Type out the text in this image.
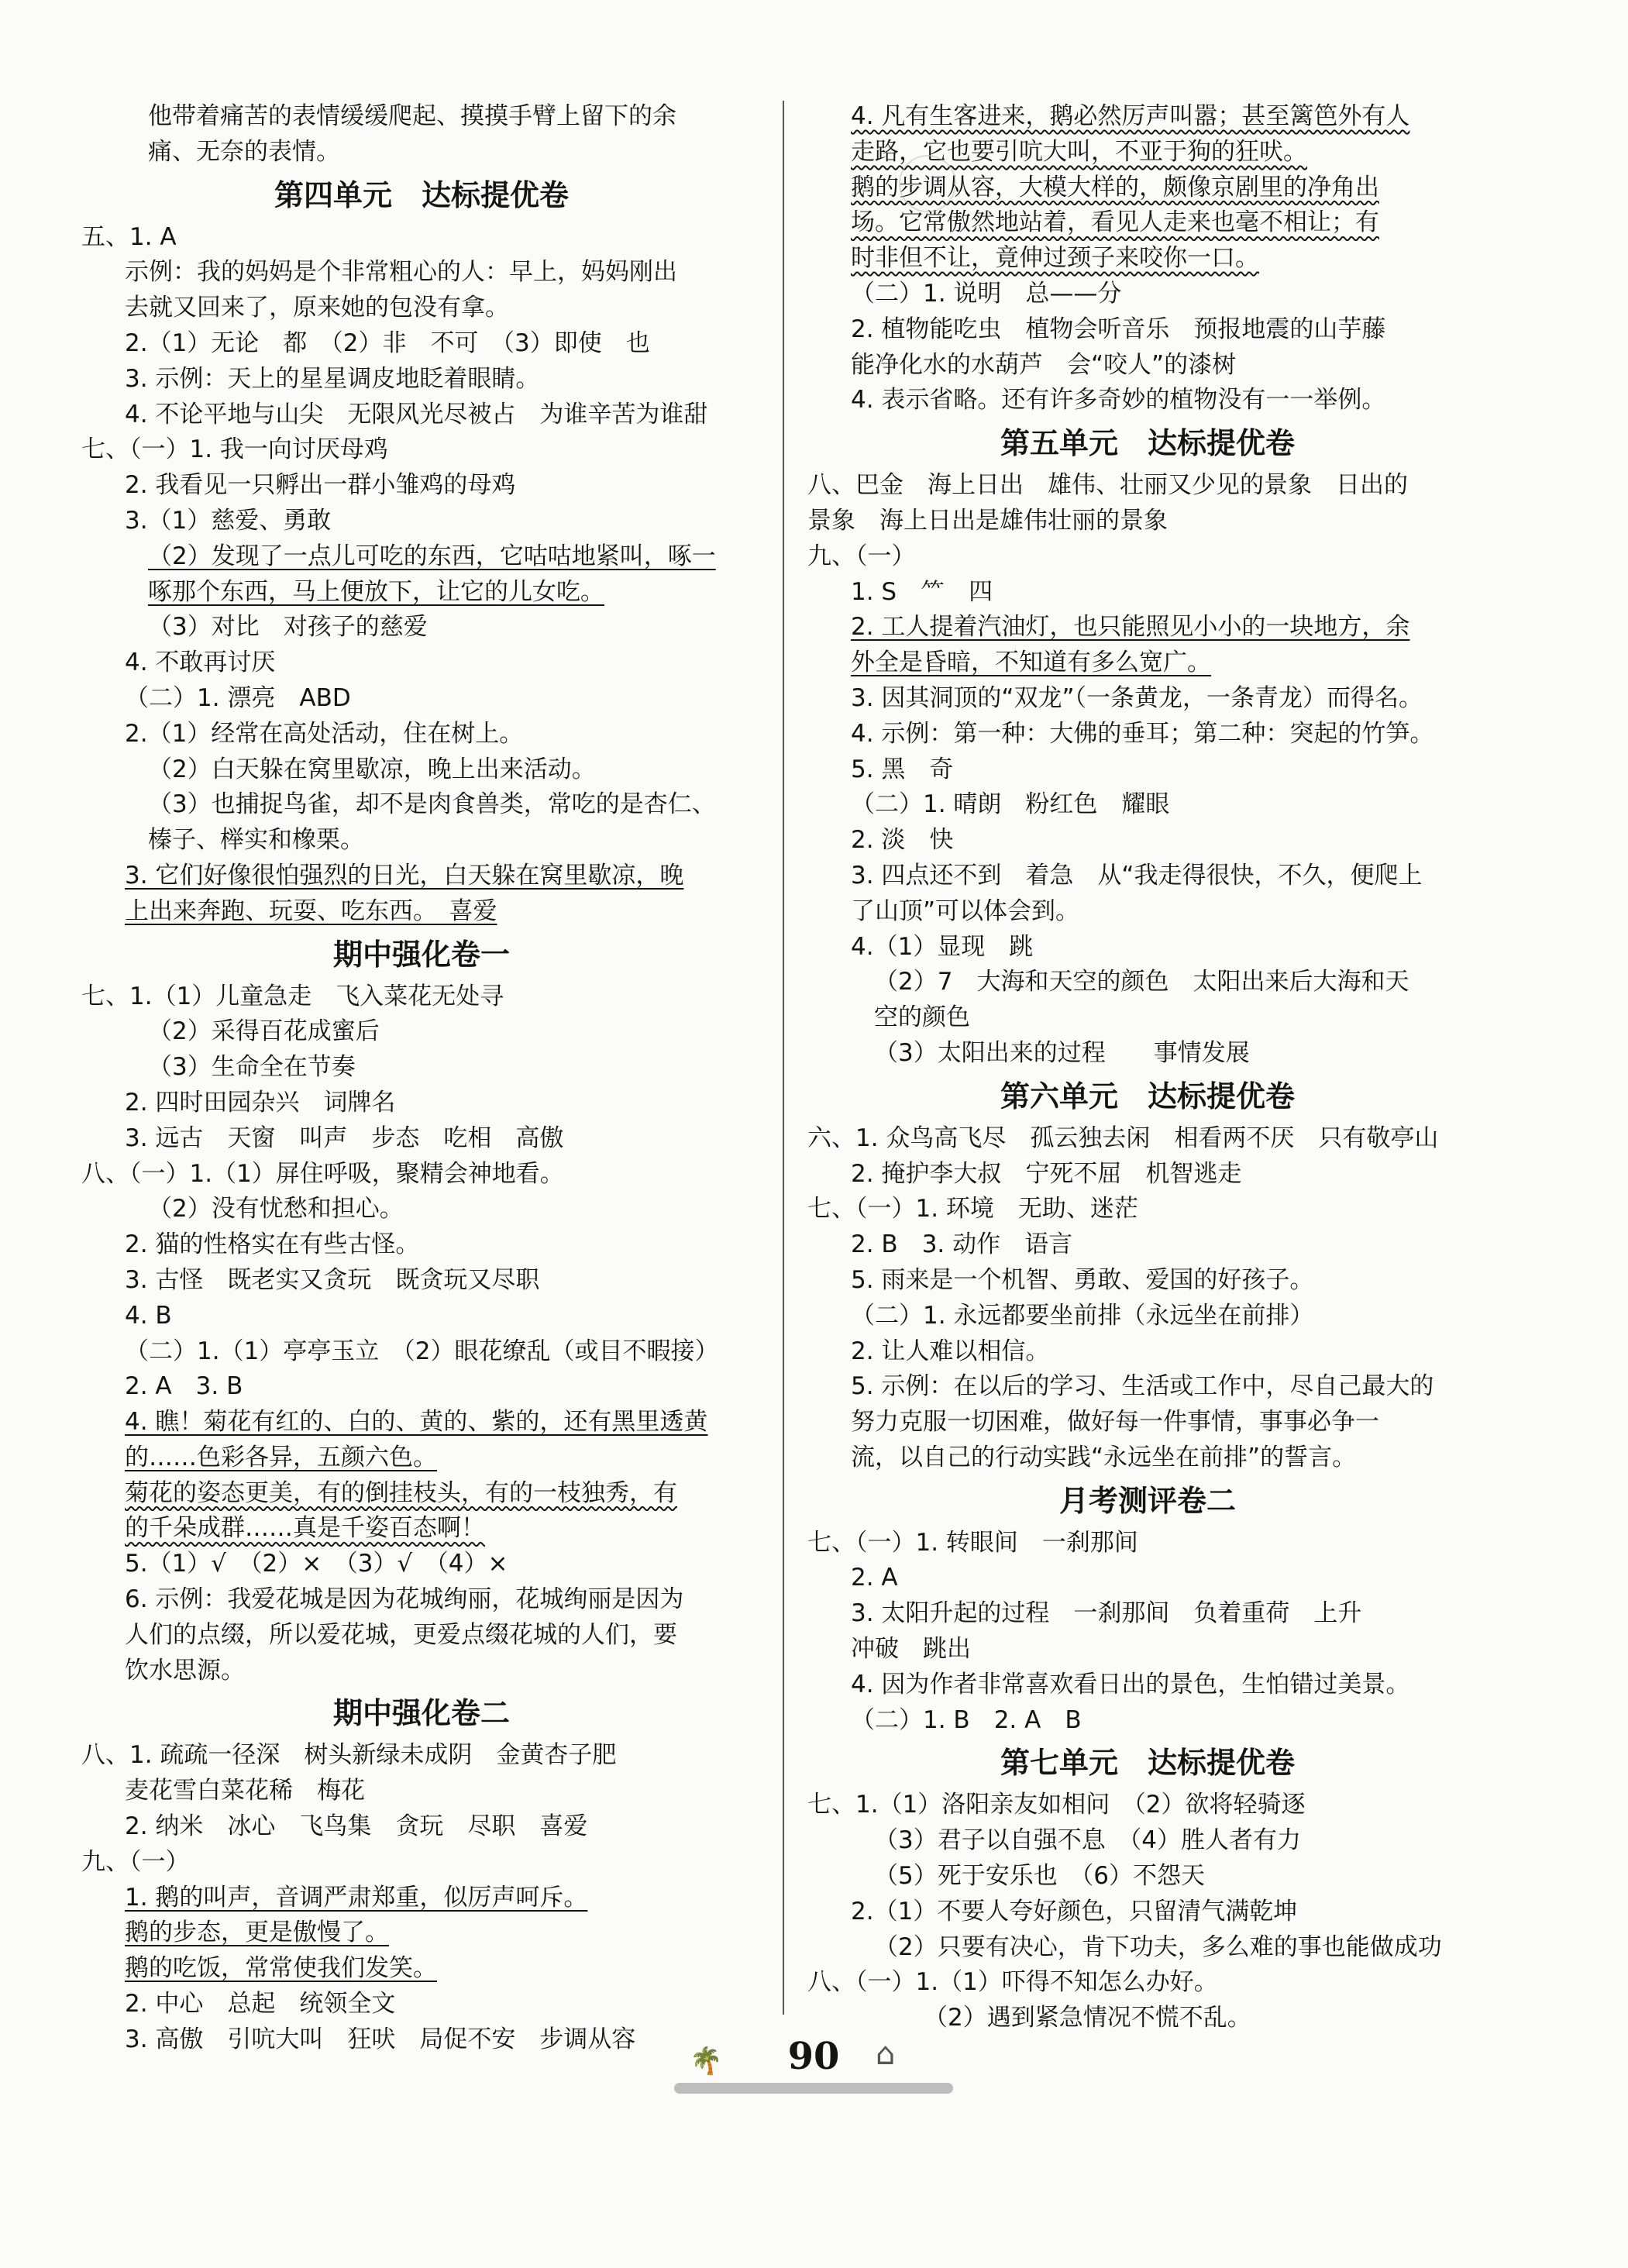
他带着痛苦的表情缓缓爬起、摸摸手臂上留下的余
痛、无奈的表情。
第四单元　达标提优卷
五、1. A
示例：我的妈妈是个非常粗心的人：早上，妈妈刚出
去就又回来了，原来她的包没有拿。
2.（1）无论　都　（2）非　不可　（3）即使　也
3. 示例：天上的星星调皮地眨着眼睛。
4. 不论平地与山尖　无限风光尽被占　为谁辛苦为谁甜
七、（一）1. 我一向讨厌母鸡
2. 我看见一只孵出一群小雏鸡的母鸡
3.（1）慈爱、勇敢
（2）发现了一点儿可吃的东西，它咕咕地紧叫，啄一
啄那个东西，马上便放下，让它的儿女吃。
（3）对比　对孩子的慈爱
4. 不敢再讨厌
（二）1. 漂亮　ABD
2.（1）经常在高处活动，住在树上。
（2）白天躲在窝里歇凉，晚上出来活动。
（3）也捕捉鸟雀，却不是肉食兽类，常吃的是杏仁、
榛子、榉实和橡栗。
3. 它们好像很怕强烈的日光，白天躲在窝里歇凉，晚
上出来奔跑、玩耍、吃东西。　喜爱
期中强化卷一
七、1.（1）儿童急走　飞入菜花无处寻
（2）采得百花成蜜后
（3）生命全在节奏
2. 四时田园杂兴　词牌名
3. 远古　天窗　叫声　步态　吃相　高傲
八、（一）1.（1）屏住呼吸，聚精会神地看。
（2）没有忧愁和担心。
2. 猫的性格实在有些古怪。
3. 古怪　既老实又贪玩　既贪玩又尽职
4. B
（二）1.（1）亭亭玉立　（2）眼花缭乱（或目不暇接）
2. A　3. B
4. 瞧！菊花有红的、白的、黄的、紫的，还有黑里透黄
的……色彩各异，五颜六色。
菊花的姿态更美，有的倒挂枝头，有的一枝独秀，有
的千朵成群……真是千姿百态啊！
5.（1）√　（2）×　（3）√　（4）×
6. 示例：我爱花城是因为花城绚丽，花城绚丽是因为
人们的点缀，所以爱花城，更爱点缀花城的人们，要
饮水思源。
期中强化卷二
八、1. 疏疏一径深　树头新绿未成阴　金黄杏子肥
麦花雪白菜花稀　梅花
2. 纳米　冰心　飞鸟集　贪玩　尽职　喜爱
九、（一）
1. 鹅的叫声，音调严肃郑重，似厉声呵斥。
鹅的步态，更是傲慢了。
鹅的吃饭，常常使我们发笑。
2. 中心　总起　统领全文
3. 高傲　引吭大叫　狂吠　局促不安　步调从容
4. 凡有生客进来，鹅必然厉声叫嚣；甚至篱笆外有人
走路，它也要引吭大叫，不亚于狗的狂吠。
鹅的步调从容，大模大样的，颇像京剧里的净角出
场。它常傲然地站着，看见人走来也毫不相让；有
时非但不让，竟伸过颈子来咬你一口。
（二）1. 说明　总——分
2. 植物能吃虫　植物会听音乐　预报地震的山芋藤
能净化水的水葫芦　会“咬人”的漆树
4. 表示省略。还有许多奇妙的植物没有一一举例。
第五单元　达标提优卷
八、巴金　海上日出　雄伟、壮丽又少见的景象　日出的
景象　海上日出是雄伟壮丽的景象
九、（一）
1. S　⺮　四
2. 工人提着汽油灯，也只能照见小小的一块地方，余
外全是昏暗，不知道有多么宽广。
3. 因其洞顶的“双龙”（一条黄龙，一条青龙）而得名。
4. 示例：第一种：大佛的垂耳；第二种：突起的竹笋。
5. 黑　奇
（二）1. 晴朗　粉红色　耀眼
2. 淡　快
3. 四点还不到　着急　从“我走得很快，不久，便爬上
了山顶”可以体会到。
4.（1）显现　跳
（2）7　大海和天空的颜色　太阳出来后大海和天
空的颜色
（3）太阳出来的过程　　事情发展
第六单元　达标提优卷
六、1. 众鸟高飞尽　孤云独去闲　相看两不厌　只有敬亭山
2. 掩护李大叔　宁死不屈　机智逃走
七、（一）1. 环境　无助、迷茫
2. B　3. 动作　语言
5. 雨来是一个机智、勇敢、爱国的好孩子。
（二）1. 永远都要坐前排（永远坐在前排）
2. 让人难以相信。
5. 示例：在以后的学习、生活或工作中，尽自己最大的
努力克服一切困难，做好每一件事情，事事必争一
流，以自己的行动实践“永远坐在前排”的誓言。
月考测评卷二
七、（一）1. 转眼间　一刹那间
2. A
3. 太阳升起的过程　一刹那间　负着重荷　上升
冲破　跳出
4. 因为作者非常喜欢看日出的景色，生怕错过美景。
（二）1. B　2. A　B
第七单元　达标提优卷
七、1.（1）洛阳亲友如相问　（2）欲将轻骑逐
（3）君子以自强不息　（4）胜人者有力
（5）死于安乐也　（6）不怨天
2.（1）不要人夸好颜色，只留清气满乾坤
（2）只要有决心，肯下功夫，多么难的事也能做成功
八、（一）1.（1）吓得不知怎么办好。
（2）遇到紧急情况不慌不乱。
🌴	90	⌂
